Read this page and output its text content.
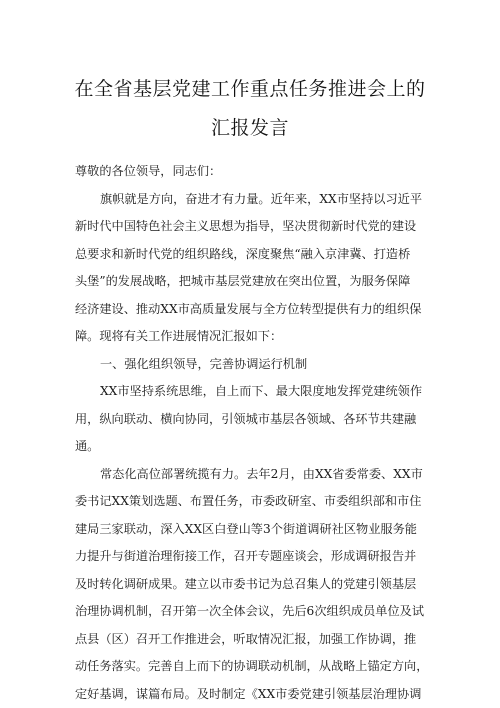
在全省基层党建工作重点任务推进会上的
汇报发言
尊敬的各位领导，同志们：
旗帜就是方向，奋进才有力量。近年来，XX市坚持以习近平
新时代中国特色社会主义思想为指导，坚决贯彻新时代党的建设
总要求和新时代党的组织路线，深度聚焦“融入京津冀、打造桥
头堡”的发展战略，把城市基层党建放在突出位置，为服务保障
经济建设、推动XX市高质量发展与全方位转型提供有力的组织保
障。现将有关工作进展情况汇报如下：
一、强化组织领导，完善协调运行机制
XX市坚持系统思维，自上而下、最大限度地发挥党建统领作
用，纵向联动、横向协同，引领城市基层各领域、各环节共建融
通。
常态化高位部署统揽有力。去年2月，由XX省委常委、XX市
委书记XX策划选题、布置任务，市委政研室、市委组织部和市住
建局三家联动，深入XX区白登山等3个街道调研社区物业服务能
力提升与街道治理衔接工作，召开专题座谈会，形成调研报告并
及时转化调研成果。建立以市委书记为总召集人的党建引领基层
治理协调机制，召开第一次全体会议，先后6次组织成员单位及试
点县（区）召开工作推进会，听取情况汇报，加强工作协调，推
动任务落实。完善自上而下的协调联动机制，从战略上锚定方向，
定好基调，谋篇布局。及时制定《XX市委党建引领基层治理协调
